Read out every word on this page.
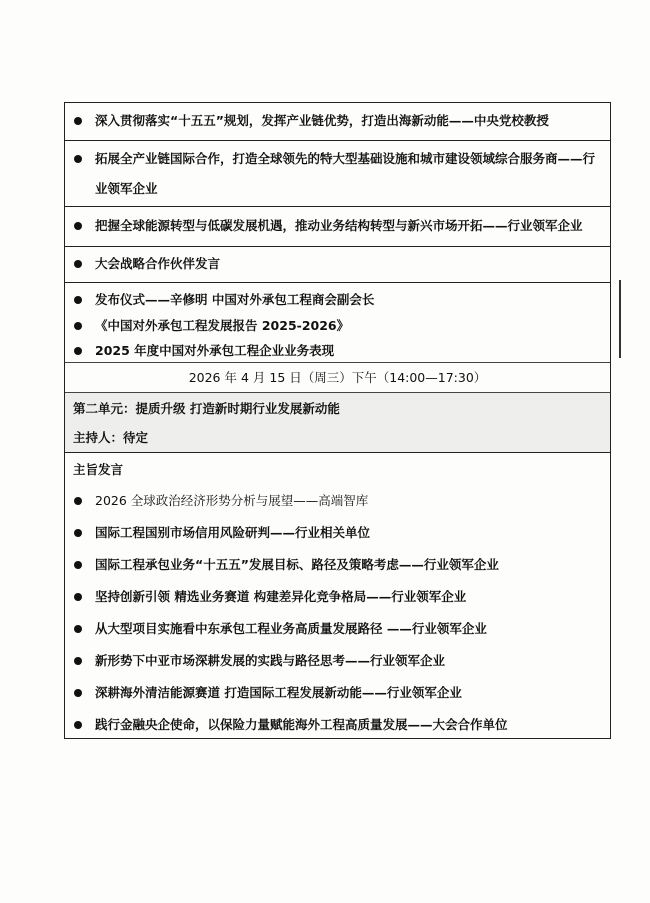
深入贯彻落实“十五五”规划，发挥产业链优势，打造出海新动能——中央党校教授
拓展全产业链国际合作，打造全球领先的特大型基础设施和城市建设领域综合服务商——行业领军企业
把握全球能源转型与低碳发展机遇，推动业务结构转型与新兴市场开拓——行业领军企业
大会战略合作伙伴发言
发布仪式——辛修明 中国对外承包工程商会副会长
《中国对外承包工程发展报告 2025-2026》
2025 年度中国对外承包工程企业业务表现
2026 年 4 月 15 日（周三）下午（14:00—17:30）
第二单元：提质升级 打造新时期行业发展新动能
主持人：待定
主旨发言
2026 全球政治经济形势分析与展望——高端智库
国际工程国别市场信用风险研判——行业相关单位
国际工程承包业务“十五五”发展目标、路径及策略考虑——行业领军企业
坚持创新引领 精选业务赛道 构建差异化竞争格局——行业领军企业
从大型项目实施看中东承包工程业务高质量发展路径 ——行业领军企业
新形势下中亚市场深耕发展的实践与路径思考——行业领军企业
深耕海外清洁能源赛道 打造国际工程发展新动能——行业领军企业
践行金融央企使命，以保险力量赋能海外工程高质量发展——大会合作单位
